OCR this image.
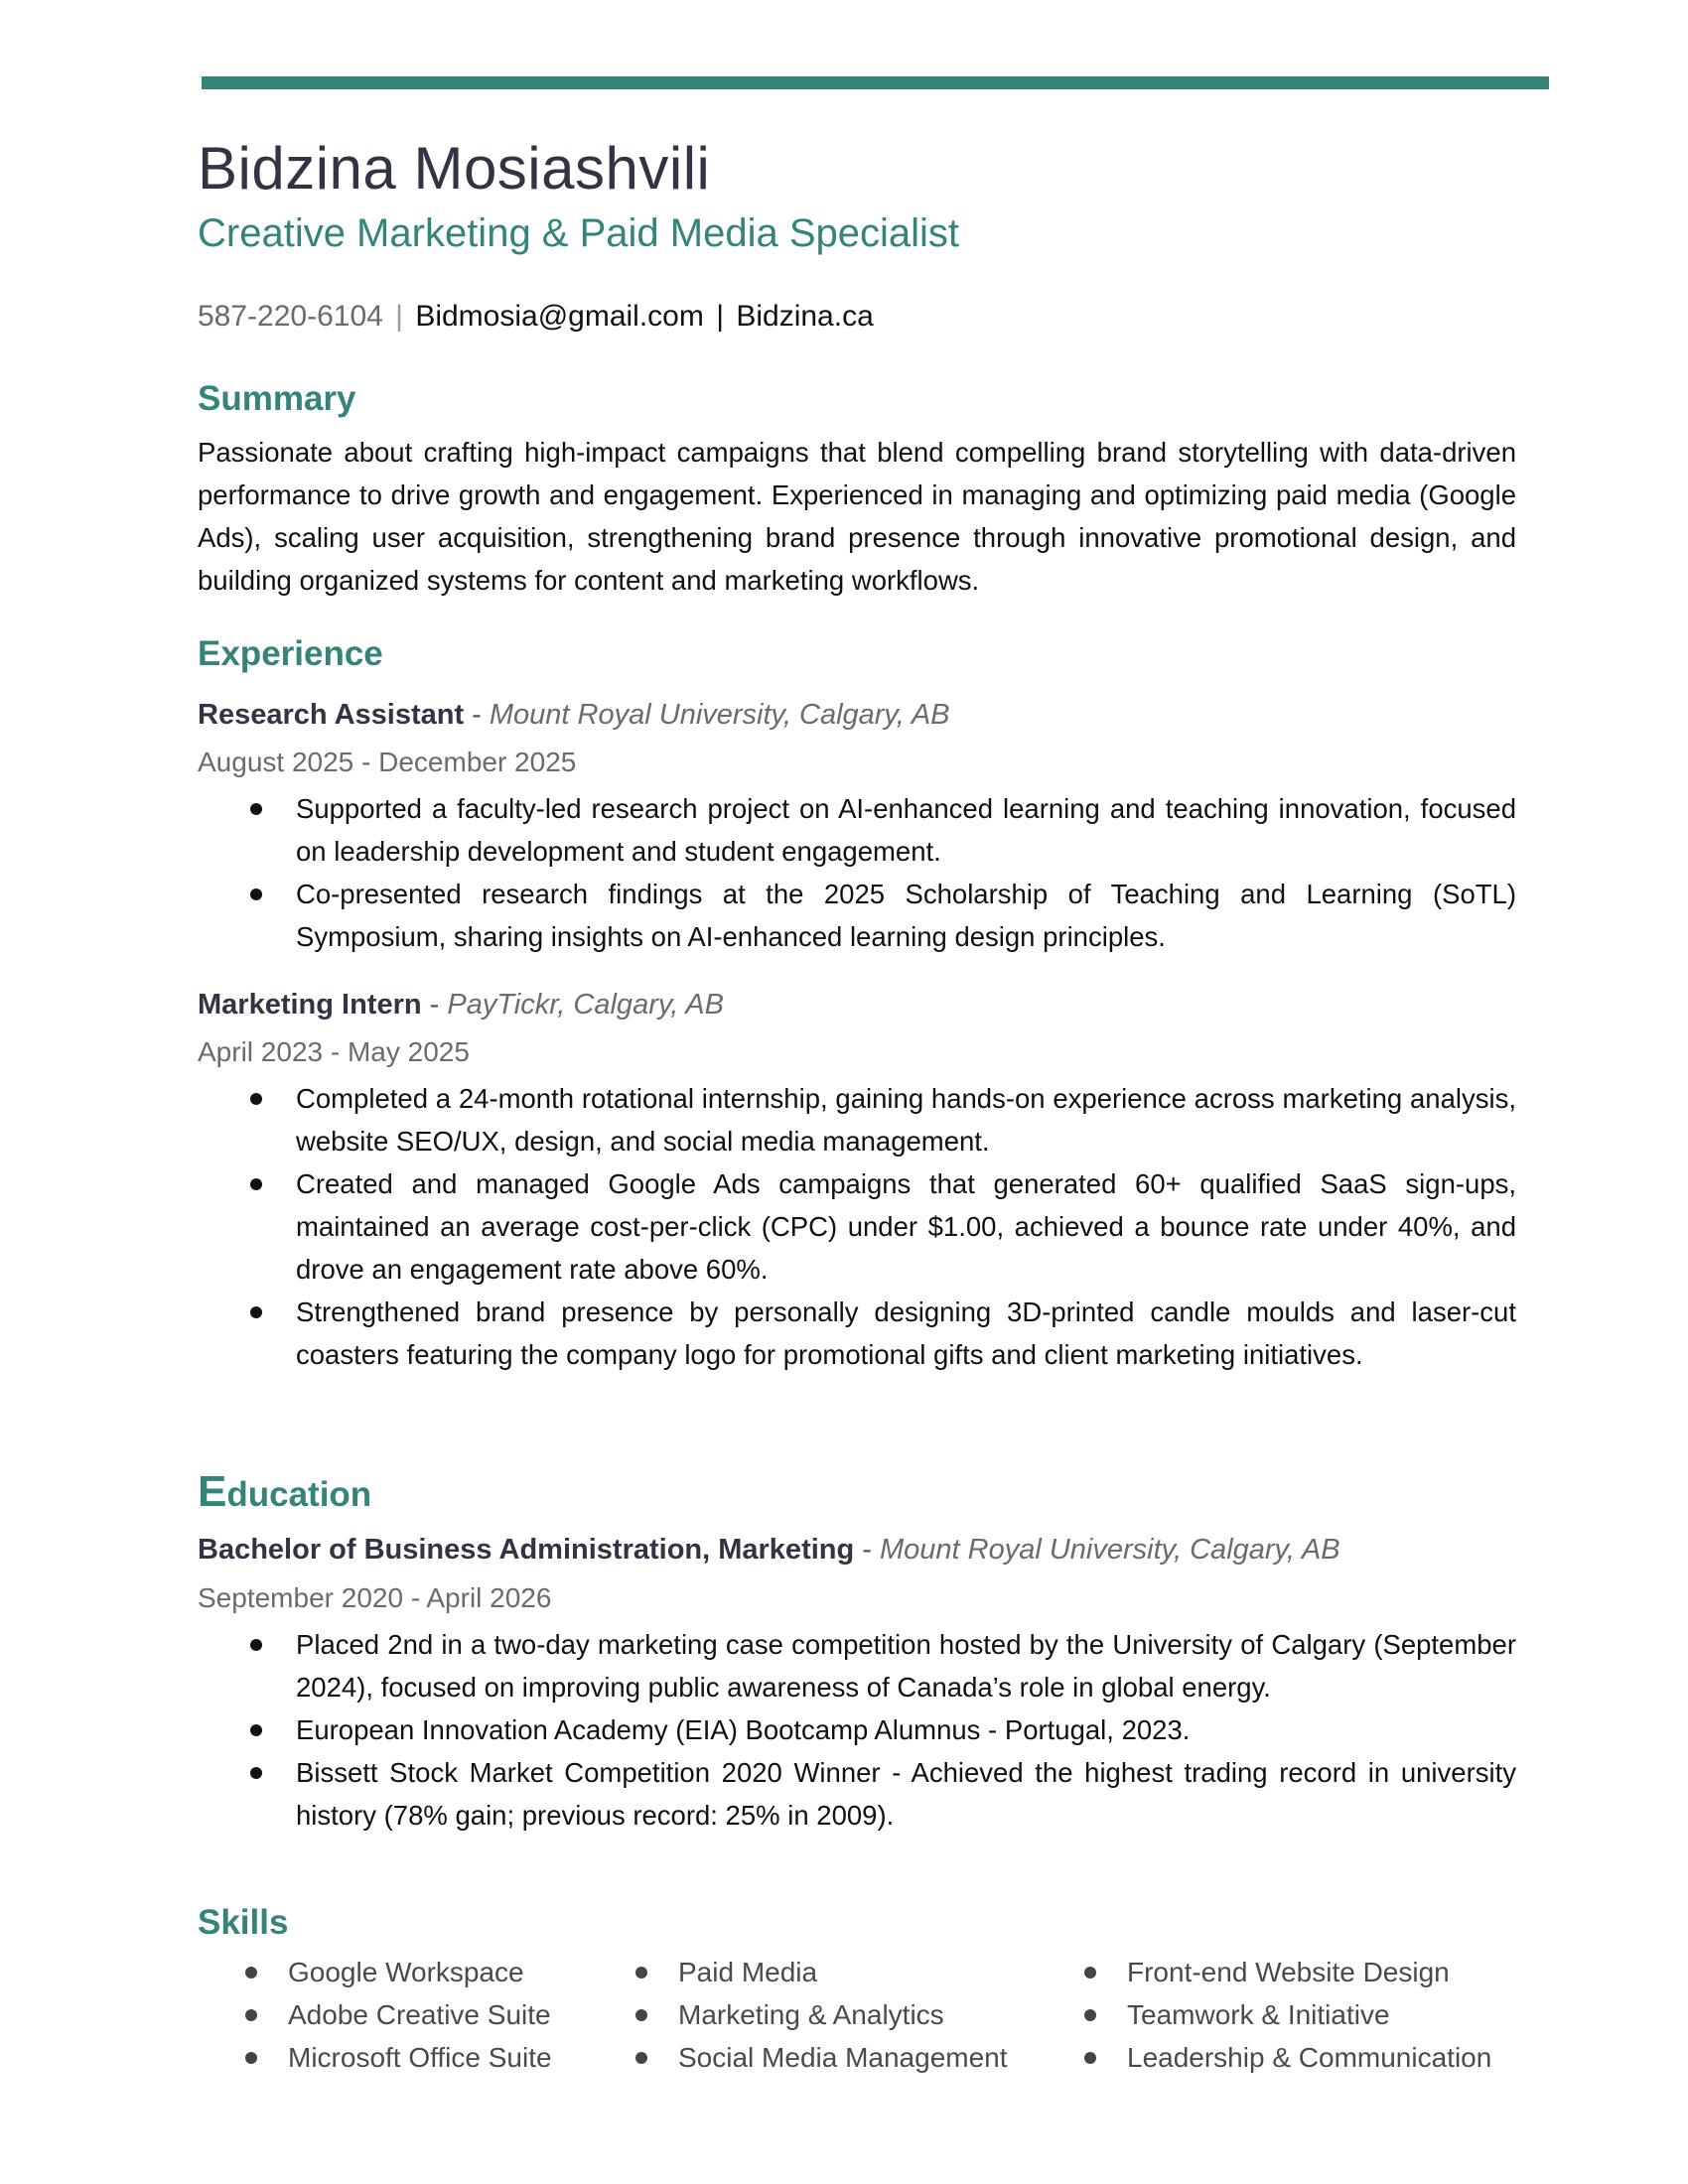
Bidzina Mosiashvili
Creative Marketing & Paid Media Specialist
587-220-6104 | Bidmosia@gmail.com | Bidzina.ca
Summary
Passionate about crafting high-impact campaigns that blend compelling brand storytelling with data-driven performance to drive growth and engagement. Experienced in managing and optimizing paid media (Google Ads), scaling user acquisition, strengthening brand presence through innovative promotional design, and building organized systems for content and marketing workflows.
Experience
Research Assistant - Mount Royal University, Calgary, AB
August 2025 - December 2025
Supported a faculty-led research project on AI-enhanced learning and teaching innovation, focused on leadership development and student engagement.
Co-presented research findings at the 2025 Scholarship of Teaching and Learning (SoTL) Symposium, sharing insights on AI-enhanced learning design principles.
Marketing Intern - PayTickr, Calgary, AB
April 2023 - May 2025
Completed a 24-month rotational internship, gaining hands-on experience across marketing analysis, website SEO/UX, design, and social media management.
Created and managed Google Ads campaigns that generated 60+ qualified SaaS sign-ups, maintained an average cost-per-click (CPC) under $1.00, achieved a bounce rate under 40%, and drove an engagement rate above 60%.
Strengthened brand presence by personally designing 3D-printed candle moulds and laser-cut coasters featuring the company logo for promotional gifts and client marketing initiatives.
Education
Bachelor of Business Administration, Marketing - Mount Royal University, Calgary, AB
September 2020 - April 2026
Placed 2nd in a two-day marketing case competition hosted by the University of Calgary (September 2024), focused on improving public awareness of Canada’s role in global energy.
European Innovation Academy (EIA) Bootcamp Alumnus - Portugal, 2023.
Bissett Stock Market Competition 2020 Winner - Achieved the highest trading record in university history (78% gain; previous record: 25% in 2009).
Skills
Google Workspace
Adobe Creative Suite
Microsoft Office Suite
Paid Media
Marketing & Analytics
Social Media Management
Front-end Website Design
Teamwork & Initiative
Leadership & Communication
